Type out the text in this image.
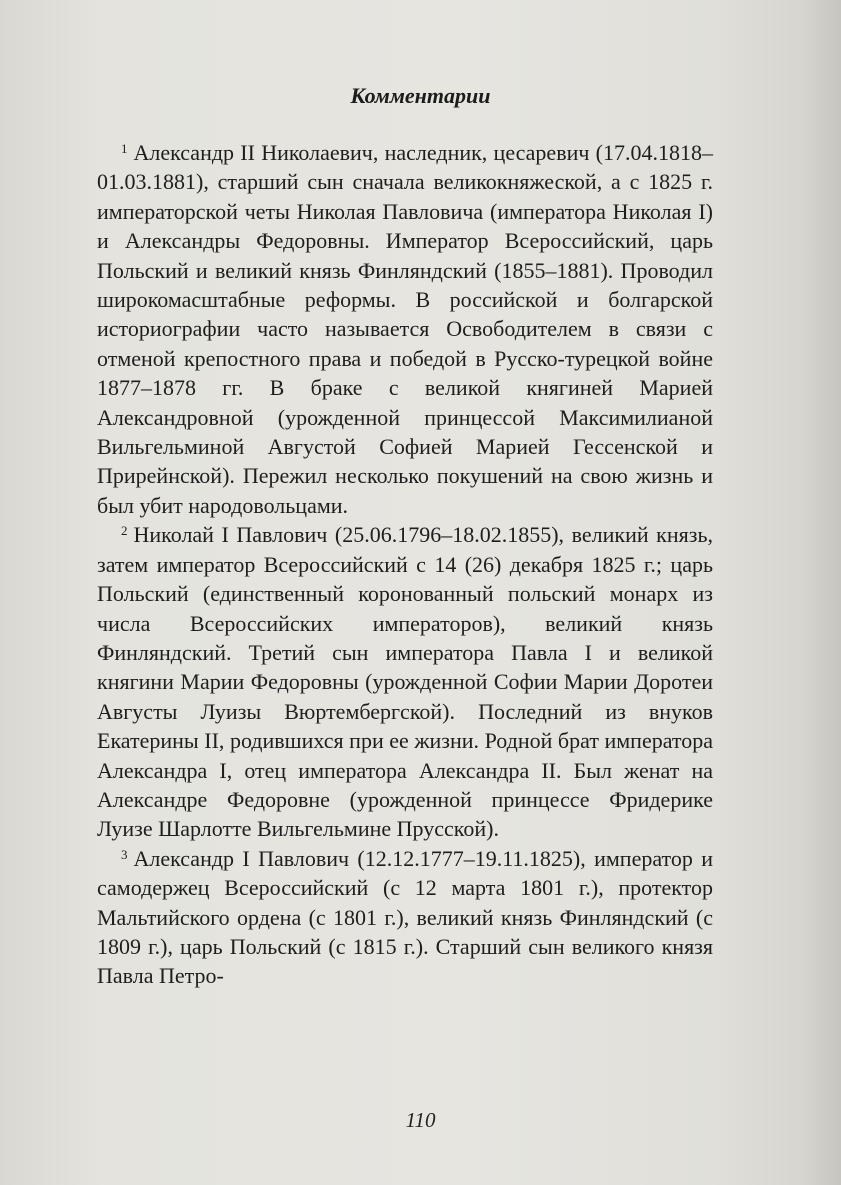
Комментарии

$^1$ Александр II Николаевич, наследник, цесаревич (17.04.1818–01.03.1881), старший сын сначала великокняжеской, а с 1825 г. императорской четы Николая Павловича (императора Николая I) и Александры Федоровны. Император Всероссийский, царь Польский и великий князь Финляндский (1855–1881). Проводил широкомасштабные реформы. В российской и болгарской историографии часто называется Освободителем в связи с отменой крепостного права и победой в Русско-турецкой войне 1877–1878 гг. В браке с великой княгиней Марией Александровной (урожденной принцессой Максимилианой Вильгельминой Августой Софией Марией Гессенской и Прирейнской). Пережил несколько покушений на свою жизнь и был убит народовольцами.

$^2$ Николай I Павлович (25.06.1796–18.02.1855), великий князь, затем император Всероссийский с 14 (26) декабря 1825 г.; царь Польский (единственный коронованный польский монарх из числа Всероссийских императоров), великий князь Финляндский. Третий сын императора Павла I и великой княгини Марии Федоровны (урожденной Софии Марии Доротеи Августы Луизы Вюртембергской). Последний из внуков Екатерины II, родившихся при ее жизни. Родной брат императора Александра I, отец императора Александра II. Был женат на Александре Федоровне (урожденной принцессе Фридерике Луизе Шарлотте Вильгельмине Прусской).

$^3$ Александр I Павлович (12.12.1777–19.11.1825), император и самодержец Всероссийский (с 12 марта 1801 г.), протектор Мальтийского ордена (с 1801 г.), великий князь Финляндский (с 1809 г.), царь Польский (с 1815 г.). Старший сын великого князя Павла Петро-

110
